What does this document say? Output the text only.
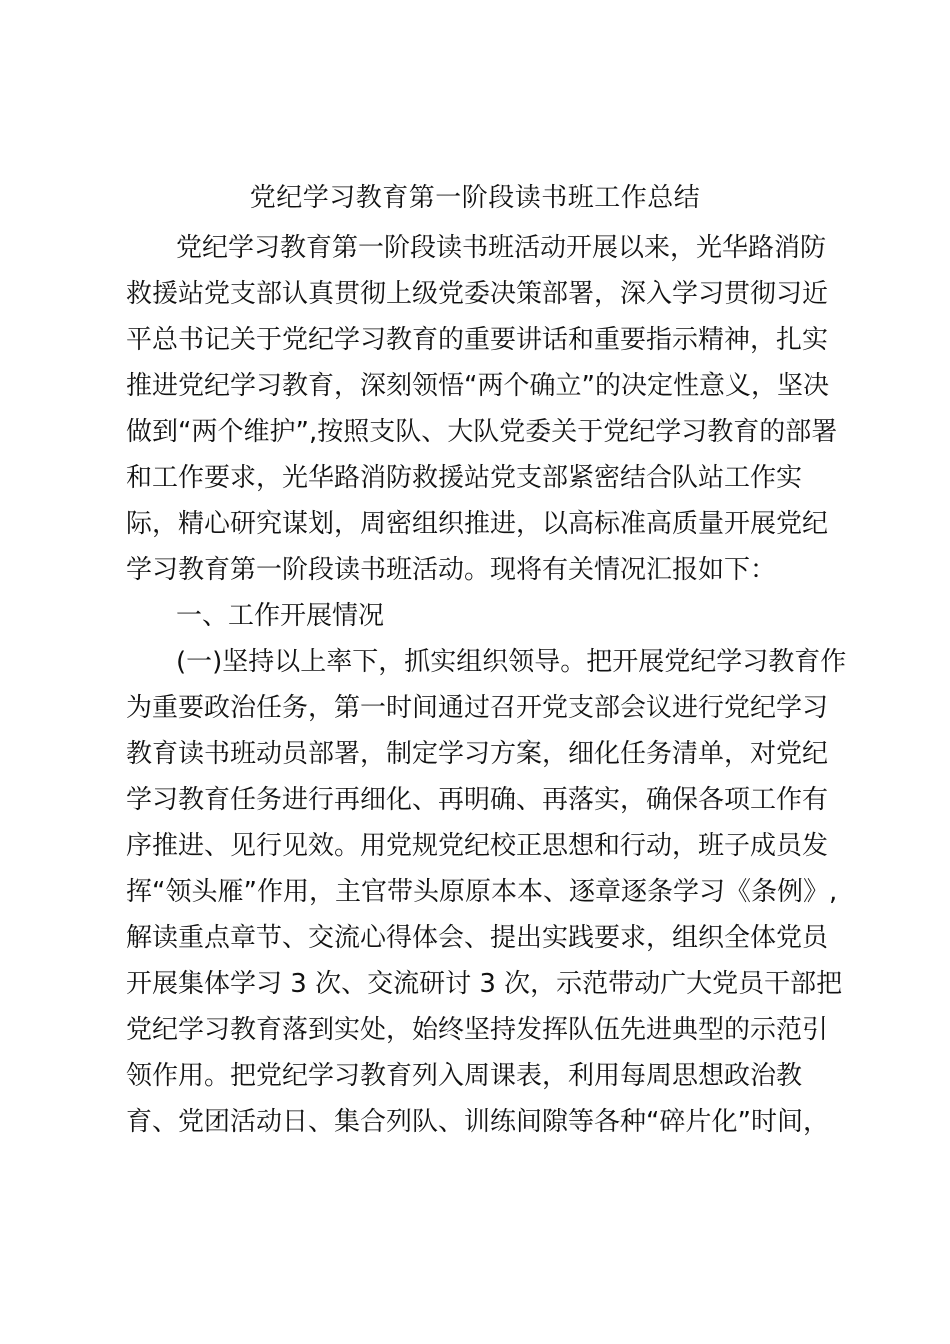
党纪学习教育第一阶段读书班工作总结

党纪学习教育第一阶段读书班活动开展以来，光华路消防

救援站党支部认真贯彻上级党委决策部署，深入学习贯彻习近

平总书记关于党纪学习教育的重要讲话和重要指示精神，扎实

推进党纪学习教育，深刻领悟“两个确立”的决定性意义，坚决

做到“两个维护”,按照支队、大队党委关于党纪学习教育的部署

和工作要求，光华路消防救援站党支部紧密结合队站工作实

际，精心研究谋划，周密组织推进，以高标准高质量开展党纪

学习教育第一阶段读书班活动。现将有关情况汇报如下：

一、工作开展情况

(一)坚持以上率下，抓实组织领导。把开展党纪学习教育作

为重要政治任务，第一时间通过召开党支部会议进行党纪学习

教育读书班动员部署，制定学习方案，细化任务清单，对党纪

学习教育任务进行再细化、再明确、再落实，确保各项工作有

序推进、见行见效。用党规党纪校正思想和行动，班子成员发

挥“领头雁”作用，主官带头原原本本、逐章逐条学习《条例》,

解读重点章节、交流心得体会、提出实践要求，组织全体党员

开展集体学习 3 次、交流研讨 3 次，示范带动广大党员干部把

党纪学习教育落到实处，始终坚持发挥队伍先进典型的示范引

领作用。把党纪学习教育列入周课表，利用每周思想政治教

育、党团活动日、集合列队、训练间隙等各种“碎片化”时间，
